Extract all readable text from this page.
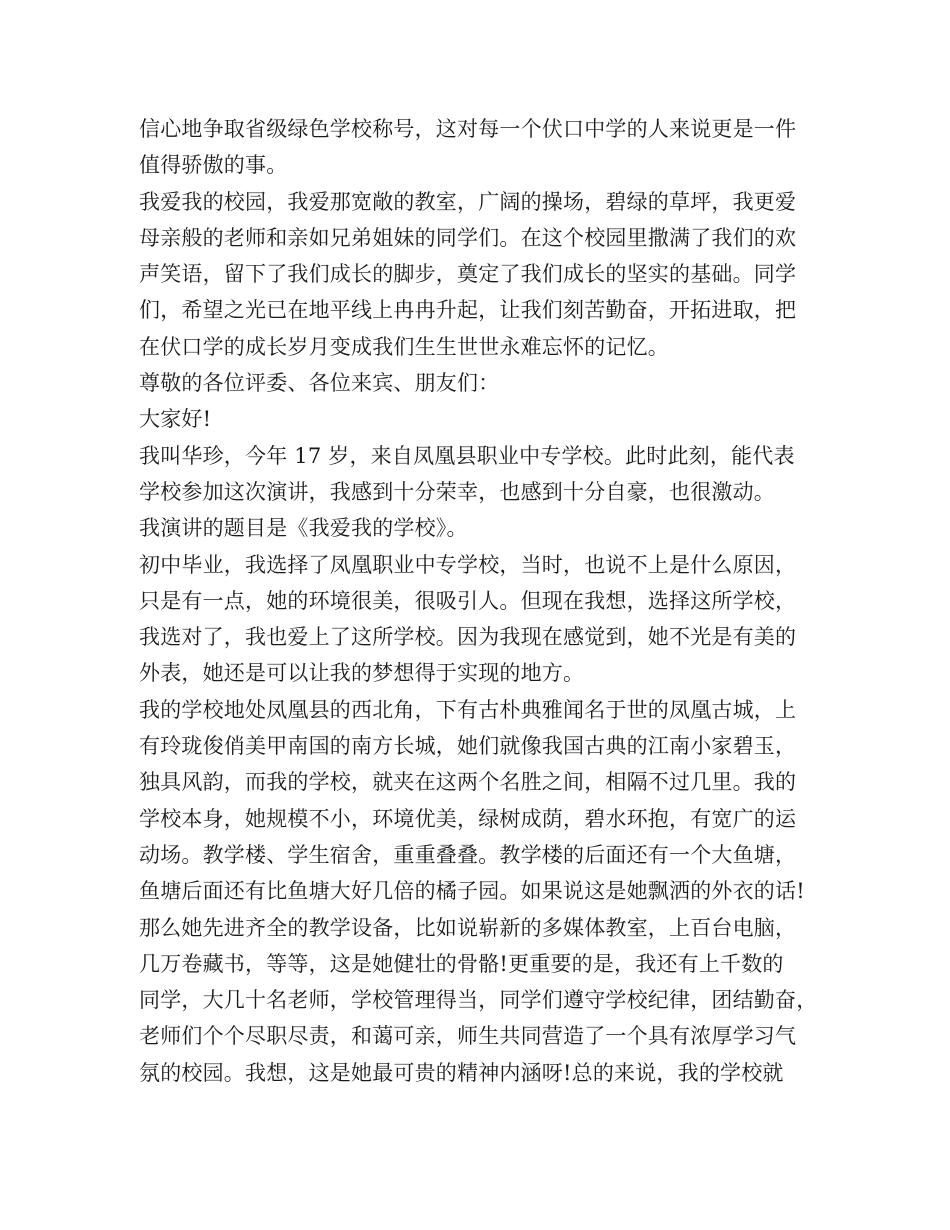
信心地争取省级绿色学校称号，这对每一个伏口中学的人来说更是一件
值得骄傲的事。
我爱我的校园，我爱那宽敞的教室，广阔的操场，碧绿的草坪，我更爱
母亲般的老师和亲如兄弟姐妹的同学们。在这个校园里撒满了我们的欢
声笑语，留下了我们成长的脚步，奠定了我们成长的坚实的基础。同学
们，希望之光已在地平线上冉冉升起，让我们刻苦勤奋，开拓进取，把
在伏口学的成长岁月变成我们生生世世永难忘怀的记忆。
尊敬的各位评委、各位来宾、朋友们：
大家好!
我叫华珍，今年 17 岁，来自凤凰县职业中专学校。此时此刻，能代表
学校参加这次演讲，我感到十分荣幸，也感到十分自豪，也很激动。
我演讲的题目是《我爱我的学校》。
初中毕业，我选择了凤凰职业中专学校，当时，也说不上是什么原因，
只是有一点，她的环境很美，很吸引人。但现在我想，选择这所学校，
我选对了，我也爱上了这所学校。因为我现在感觉到，她不光是有美的
外表，她还是可以让我的梦想得于实现的地方。
我的学校地处凤凰县的西北角，下有古朴典雅闻名于世的凤凰古城，上
有玲珑俊俏美甲南国的南方长城，她们就像我国古典的江南小家碧玉，
独具风韵，而我的学校，就夹在这两个名胜之间，相隔不过几里。我的
学校本身，她规模不小，环境优美，绿树成荫，碧水环抱，有宽广的运
动场。教学楼、学生宿舍，重重叠叠。教学楼的后面还有一个大鱼塘，
鱼塘后面还有比鱼塘大好几倍的橘子园。如果说这是她飘洒的外衣的话!
那么她先进齐全的教学设备，比如说崭新的多媒体教室，上百台电脑，
几万卷藏书，等等，这是她健壮的骨骼!更重要的是，我还有上千数的
同学，大几十名老师，学校管理得当，同学们遵守学校纪律，团结勤奋，
老师们个个尽职尽责，和蔼可亲，师生共同营造了一个具有浓厚学习气
氛的校园。我想，这是她最可贵的精神内涵呀!总的来说，我的学校就
